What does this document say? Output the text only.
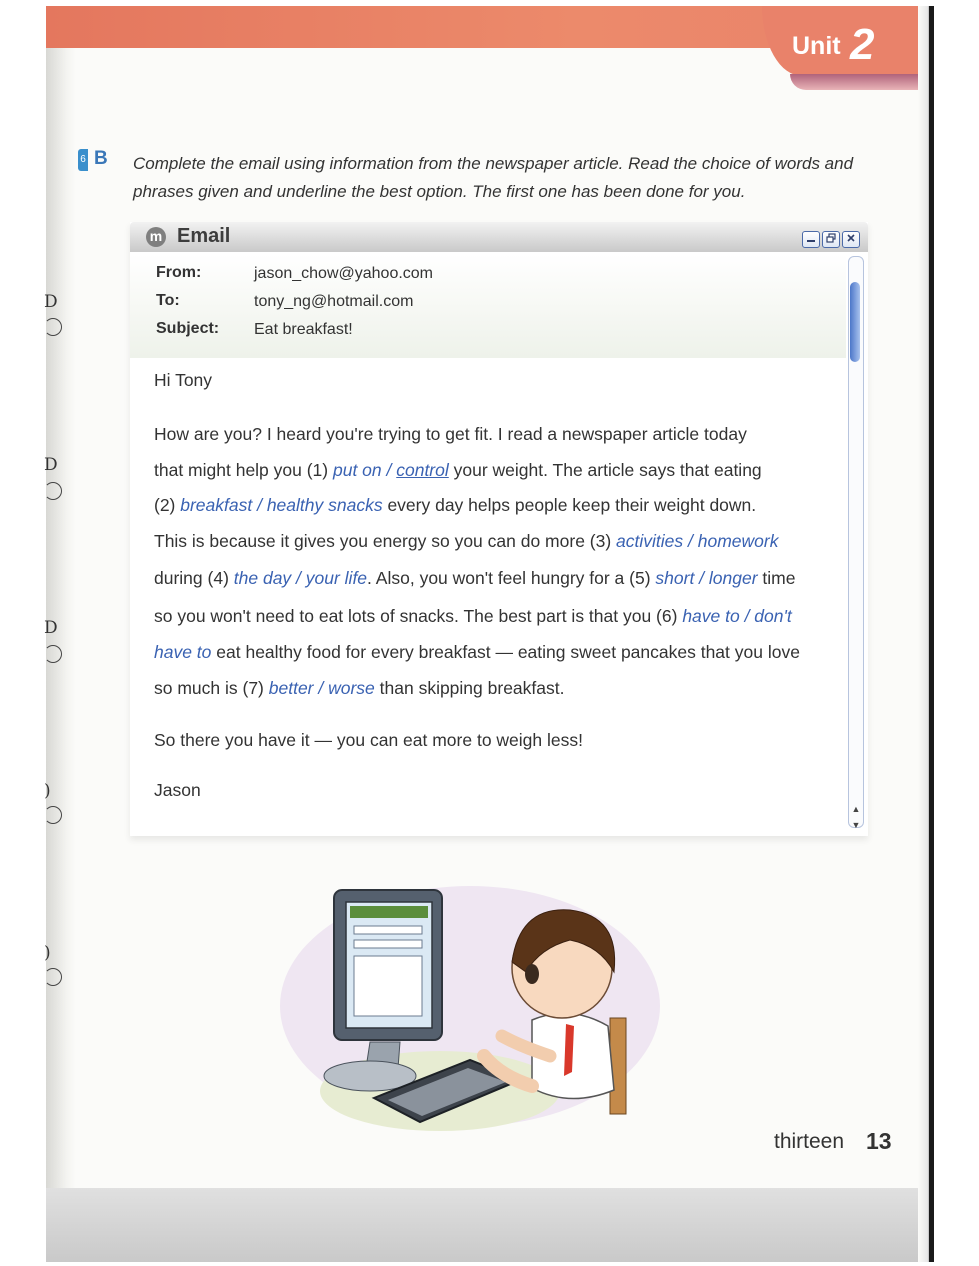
Unit 2
D
D
D
)
)
6 B Complete the email using information from the newspaper article. Read the choice of words and phrases given and underline the best option. The first one has been done for you.

m Email
From:	jason_chow@yahoo.com
To:	tony_ng@hotmail.com
Subject: Eat breakfast!
▲
▼
Hi Tony
How are you? I heard you're trying to get fit. I read a newspaper article today
that might help you (1) put on / control your weight. The article says that eating
(2) breakfast / healthy snacks every day helps people keep their weight down.
This is because it gives you energy so you can do more (3) activities / homework
during (4) the day / your life. Also, you won't feel hungry for a (5) short / longer time
so you won't need to eat lots of snacks. The best part is that you (6) have to / don't
have to eat healthy food for every breakfast — eating sweet pancakes that you love
so much is (7) better / worse than skipping breakfast.
So there you have it — you can eat more to weigh less!
Jason
thirteen 13
